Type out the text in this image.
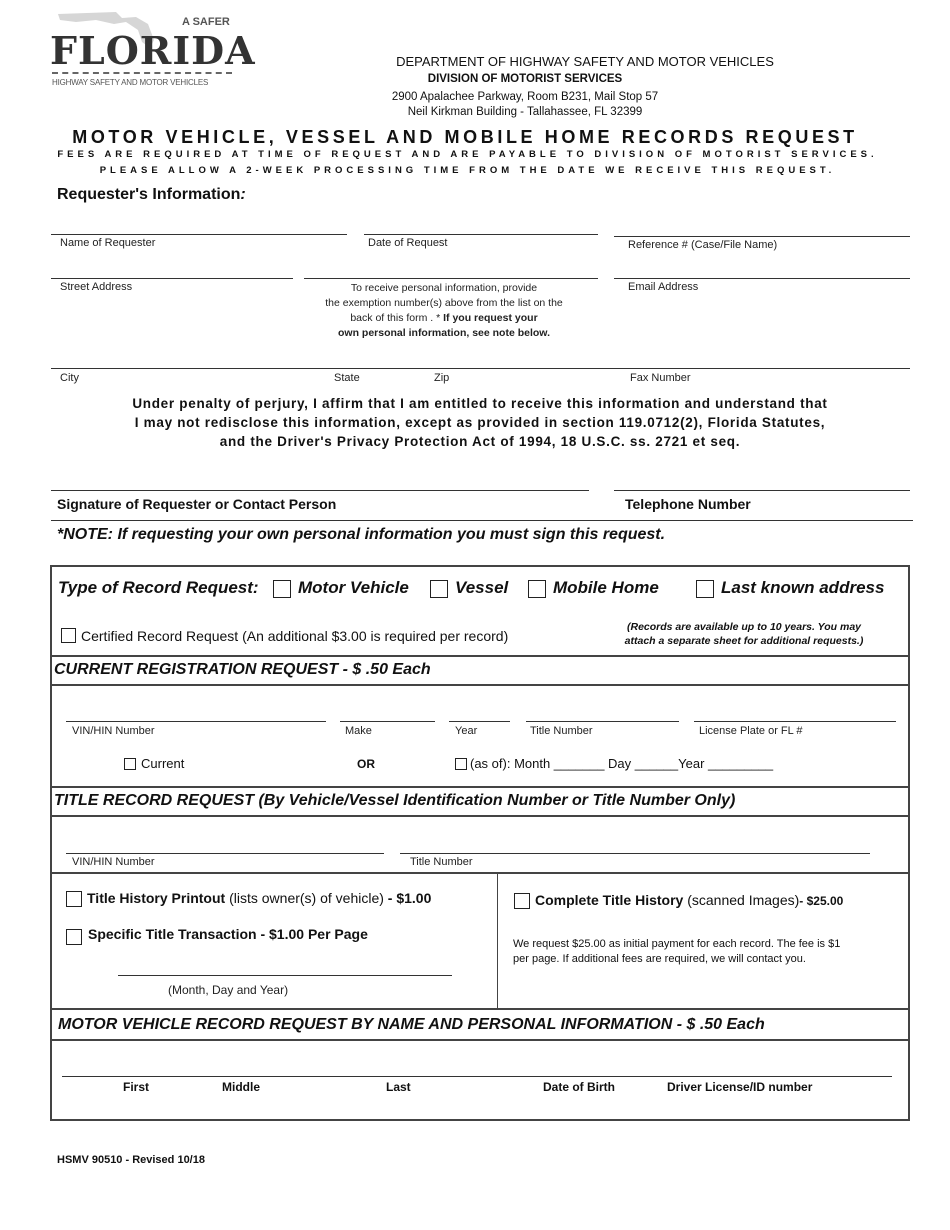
A SAFER
FLORIDA
HIGHWAY SAFETY AND MOTOR VEHICLES
DEPARTMENT OF HIGHWAY SAFETY AND MOTOR VEHICLES
DIVISION OF MOTORIST SERVICES
2900 Apalachee Parkway, Room B231, Mail Stop 57
Neil Kirkman Building - Tallahassee, FL 32399
MOTOR VEHICLE, VESSEL AND MOBILE HOME RECORDS REQUEST
FEES ARE REQUIRED AT TIME OF REQUEST AND ARE PAYABLE TO DIVISION OF MOTORIST SERVICES.
PLEASE ALLOW A 2-WEEK PROCESSING TIME FROM THE DATE WE RECEIVE THIS REQUEST.
Requester's Information:
Name of Requester	Date of Request	Reference # (Case/File Name)
Street Address	Email Address
To receive personal information, provide
the exemption number(s) above from the list on the
back of this form . * If you request your
own personal information, see note below.
City	State	Zip	Fax Number
Under penalty of perjury, I affirm that I am entitled to receive this information and understand that
I may not redisclose this information, except as provided in section 119.0712(2), Florida Statutes,
and the Driver's Privacy Protection Act of 1994, 18 U.S.C. ss. 2721 et seq.
Signature of Requester or Contact Person	Telephone Number
*NOTE: If requesting your own personal information you must sign this request.
Type of Record Request: Motor Vehicle	Vessel	Mobile Home	Last known address
Certified Record Request (An additional $3.00 is required per record)
(Records are available up to 10 years. You may
attach a separate sheet for additional requests.)
CURRENT REGISTRATION REQUEST - $ .50 Each
VIN/HIN Number	Make	Year	Title Number	License Plate or FL #
Current	OR	(as of): Month _______ Day ______Year _________
TITLE RECORD REQUEST (By Vehicle/Vessel Identification Number or Title Number Only)
VIN/HIN Number	Title Number
Title History Printout (lists owner(s) of vehicle) - $1.00
Specific Title Transaction - $1.00 Per Page
(Month, Day and Year)
Complete Title History (scanned Images)- $25.00
We request $25.00 as initial payment for each record. The fee is $1
per page. If additional fees are required, we will contact you.
MOTOR VEHICLE RECORD REQUEST BY NAME AND PERSONAL INFORMATION - $ .50 Each
First	Middle	Last	Date of Birth	Driver License/ID number
HSMV 90510 - Revised 10/18
